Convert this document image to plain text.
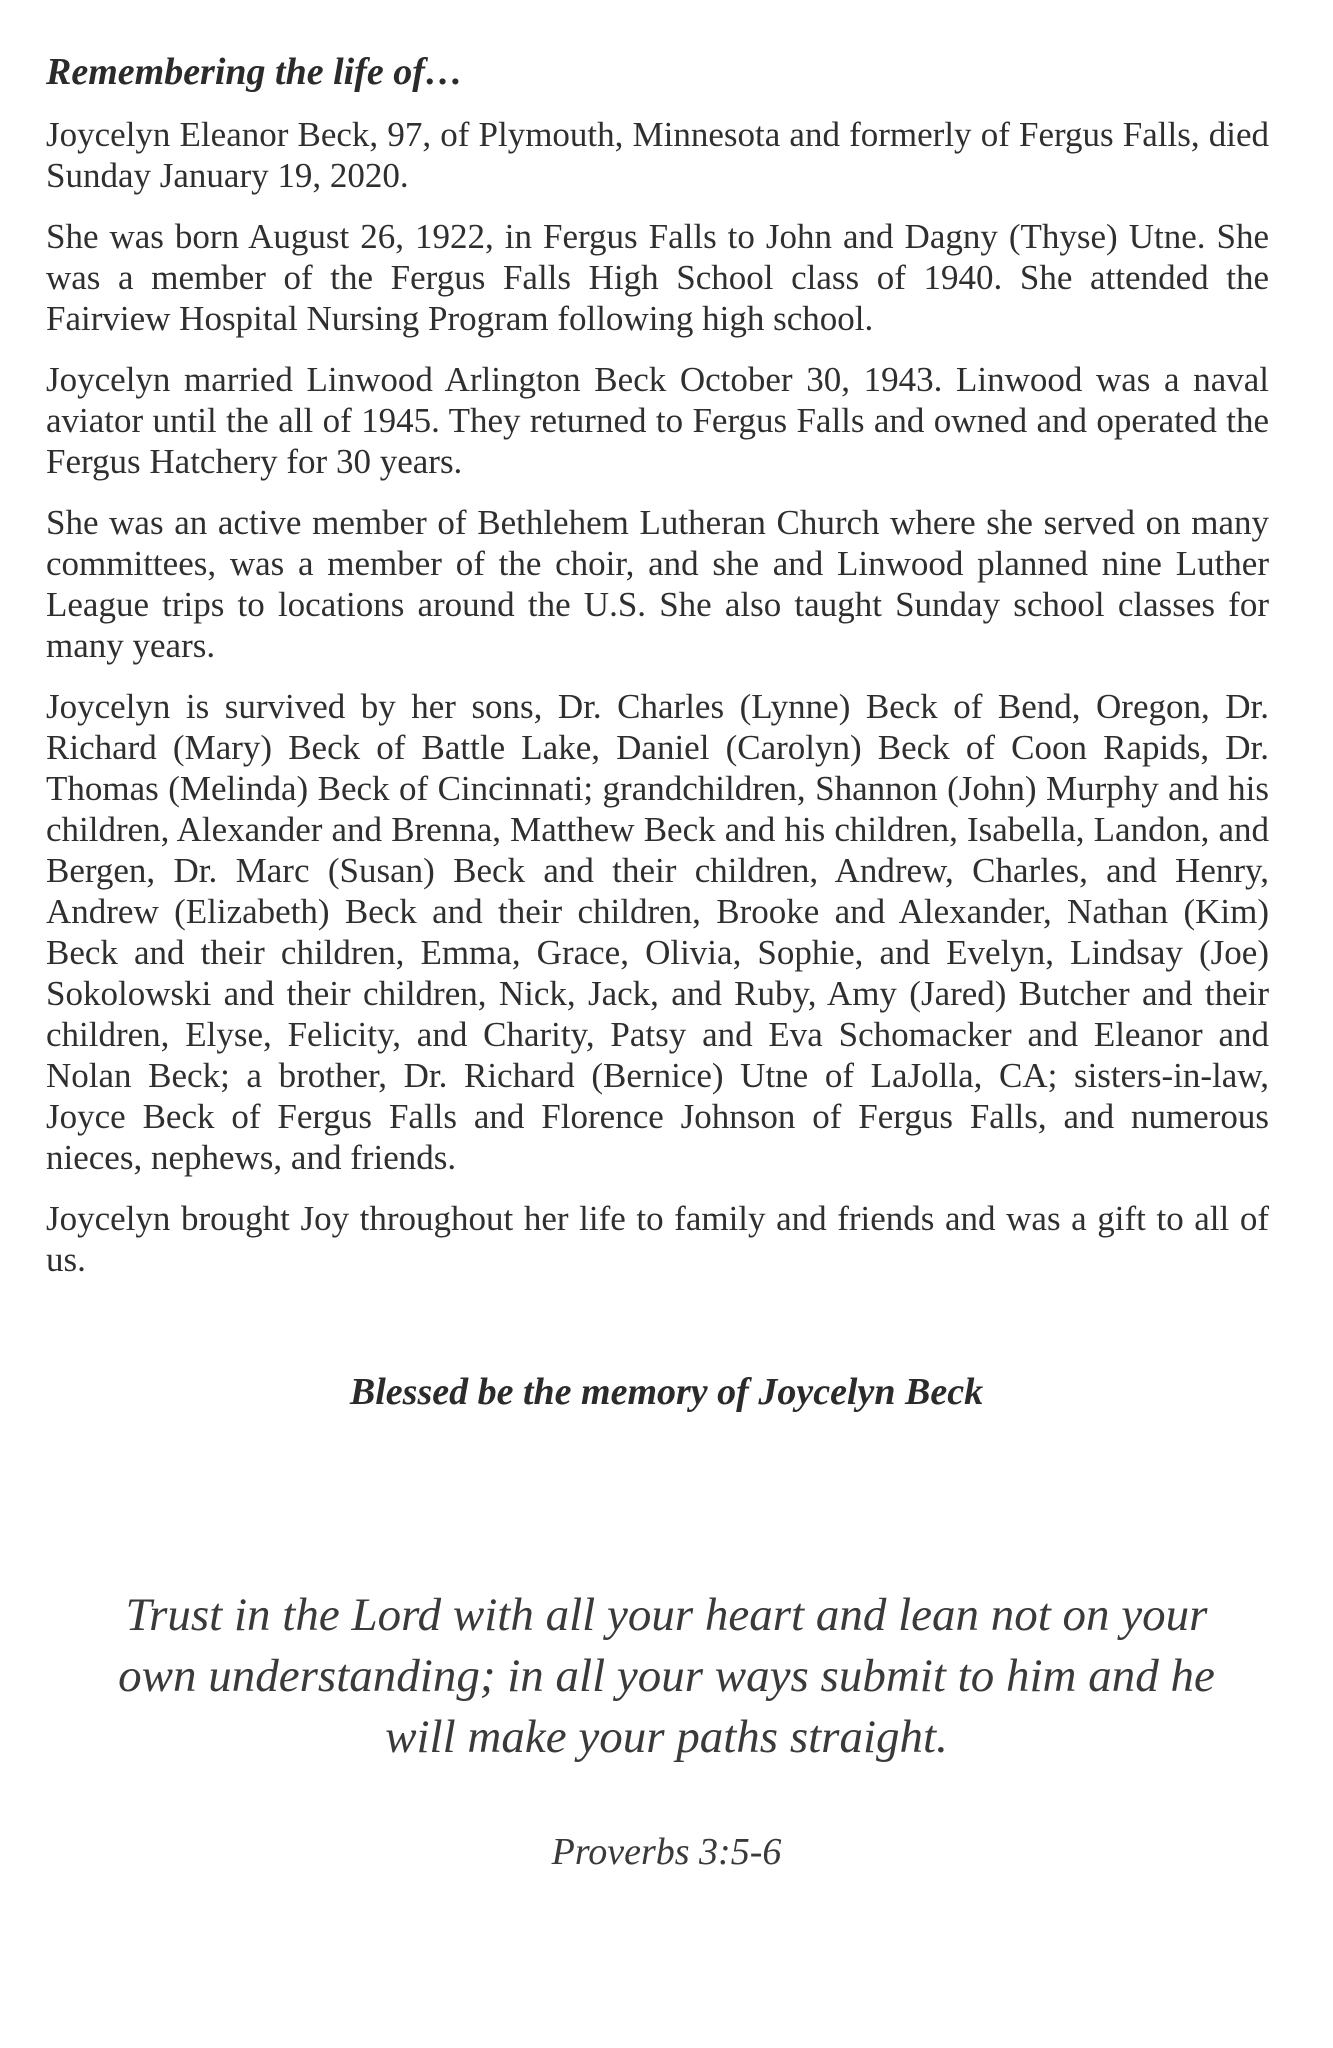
Remembering the life of…

Joycelyn Eleanor Beck, 97, of Plymouth, Minnesota and formerly of Fergus Falls, died Sunday January 19, 2020.

She was born August 26, 1922, in Fergus Falls to John and Dagny (Thyse) Utne. She was a member of the Fergus Falls High School class of 1940. She attended the Fairview Hospital Nursing Program following high school.

Joycelyn married Linwood Arlington Beck October 30, 1943. Linwood was a naval aviator until the all of 1945. They returned to Fergus Falls and owned and operated the Fergus Hatchery for 30 years.

She was an active member of Bethlehem Lutheran Church where she served on many committees, was a member of the choir, and she and Linwood planned nine Luther League trips to locations around the U.S. She also taught Sunday school classes for many years.

Joycelyn is survived by her sons, Dr. Charles (Lynne) Beck of Bend, Oregon, Dr. Richard (Mary) Beck of Battle Lake, Daniel (Carolyn) Beck of Coon Rapids, Dr. Thomas (Melinda) Beck of Cincinnati; grandchildren, Shannon (John) Murphy and his children, Alexander and Brenna, Matthew Beck and his children, Isabella, Landon, and Bergen, Dr. Marc (Susan) Beck and their children, Andrew, Charles, and Henry, Andrew (Elizabeth) Beck and their children, Brooke and Alexander, Nathan (Kim) Beck and their children, Emma, Grace, Olivia, Sophie, and Evelyn, Lindsay (Joe) Sokolowski and their children, Nick, Jack, and Ruby, Amy (Jared) Butcher and their children, Elyse, Felicity, and Charity, Patsy and Eva Schomacker and Eleanor and Nolan Beck; a brother, Dr. Richard (Bernice) Utne of LaJolla, CA; sisters-in-law, Joyce Beck of Fergus Falls and Florence Johnson of Fergus Falls, and numerous nieces, nephews, and friends.

Joycelyn brought Joy throughout her life to family and friends and was a gift to all of us.

Blessed be the memory of Joycelyn Beck
Trust in the Lord with all your heart and lean not on your own understanding; in all your ways submit to him and he will make your paths straight.
Proverbs 3:5-6
